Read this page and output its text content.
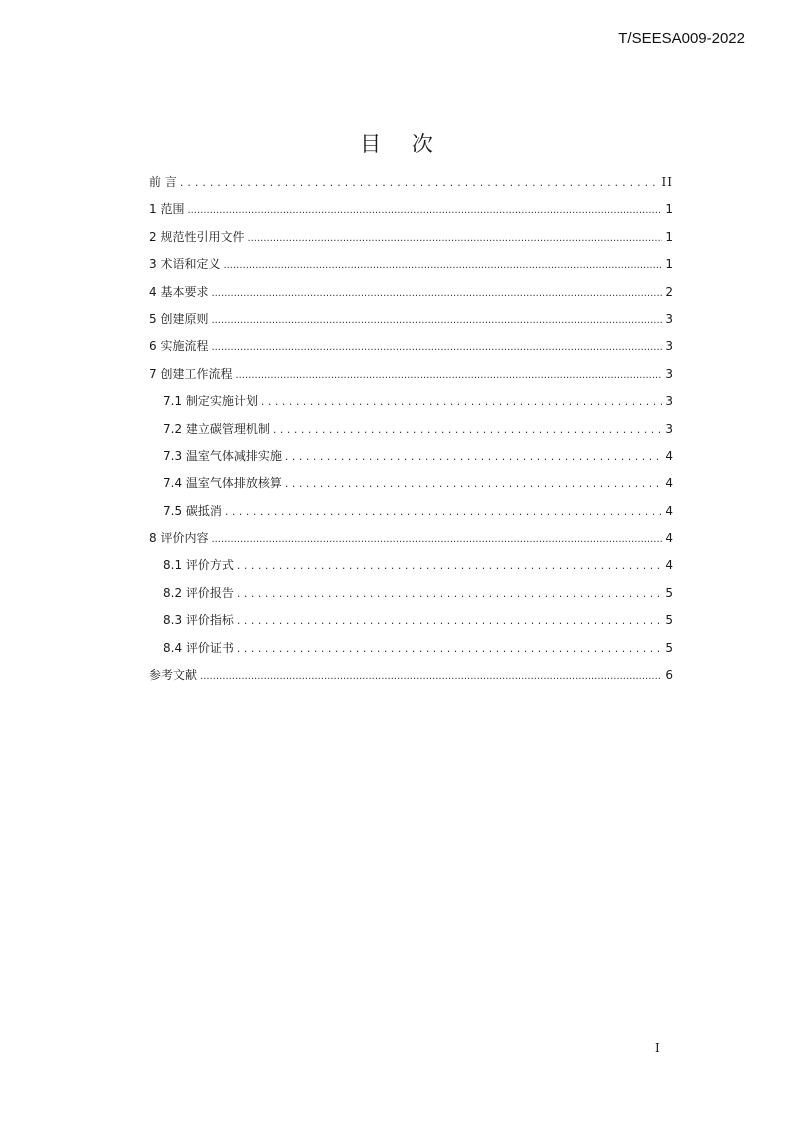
T/SEESA009-2022
目 次
前 言 .....	II
1 范围 .....	1
2 规范性引用文件 .....	1
3 术语和定义 .....	1
4 基本要求 .....	2
5 创建原则 .....	3
6 实施流程 .....	3
7 创建工作流程 .....	3
7.1 制定实施计划 .....	3
7.2 建立碳管理机制 .....	3
7.3 温室气体减排实施 .....	4
7.4 温室气体排放核算 .....	4
7.5 碳抵消 .....	4
8 评价内容 .....	4
8.1 评价方式 .....	4
8.2 评价报告 .....	5
8.3 评价指标 .....	5
8.4 评价证书 .....	5
参考文献 .....	6
I
